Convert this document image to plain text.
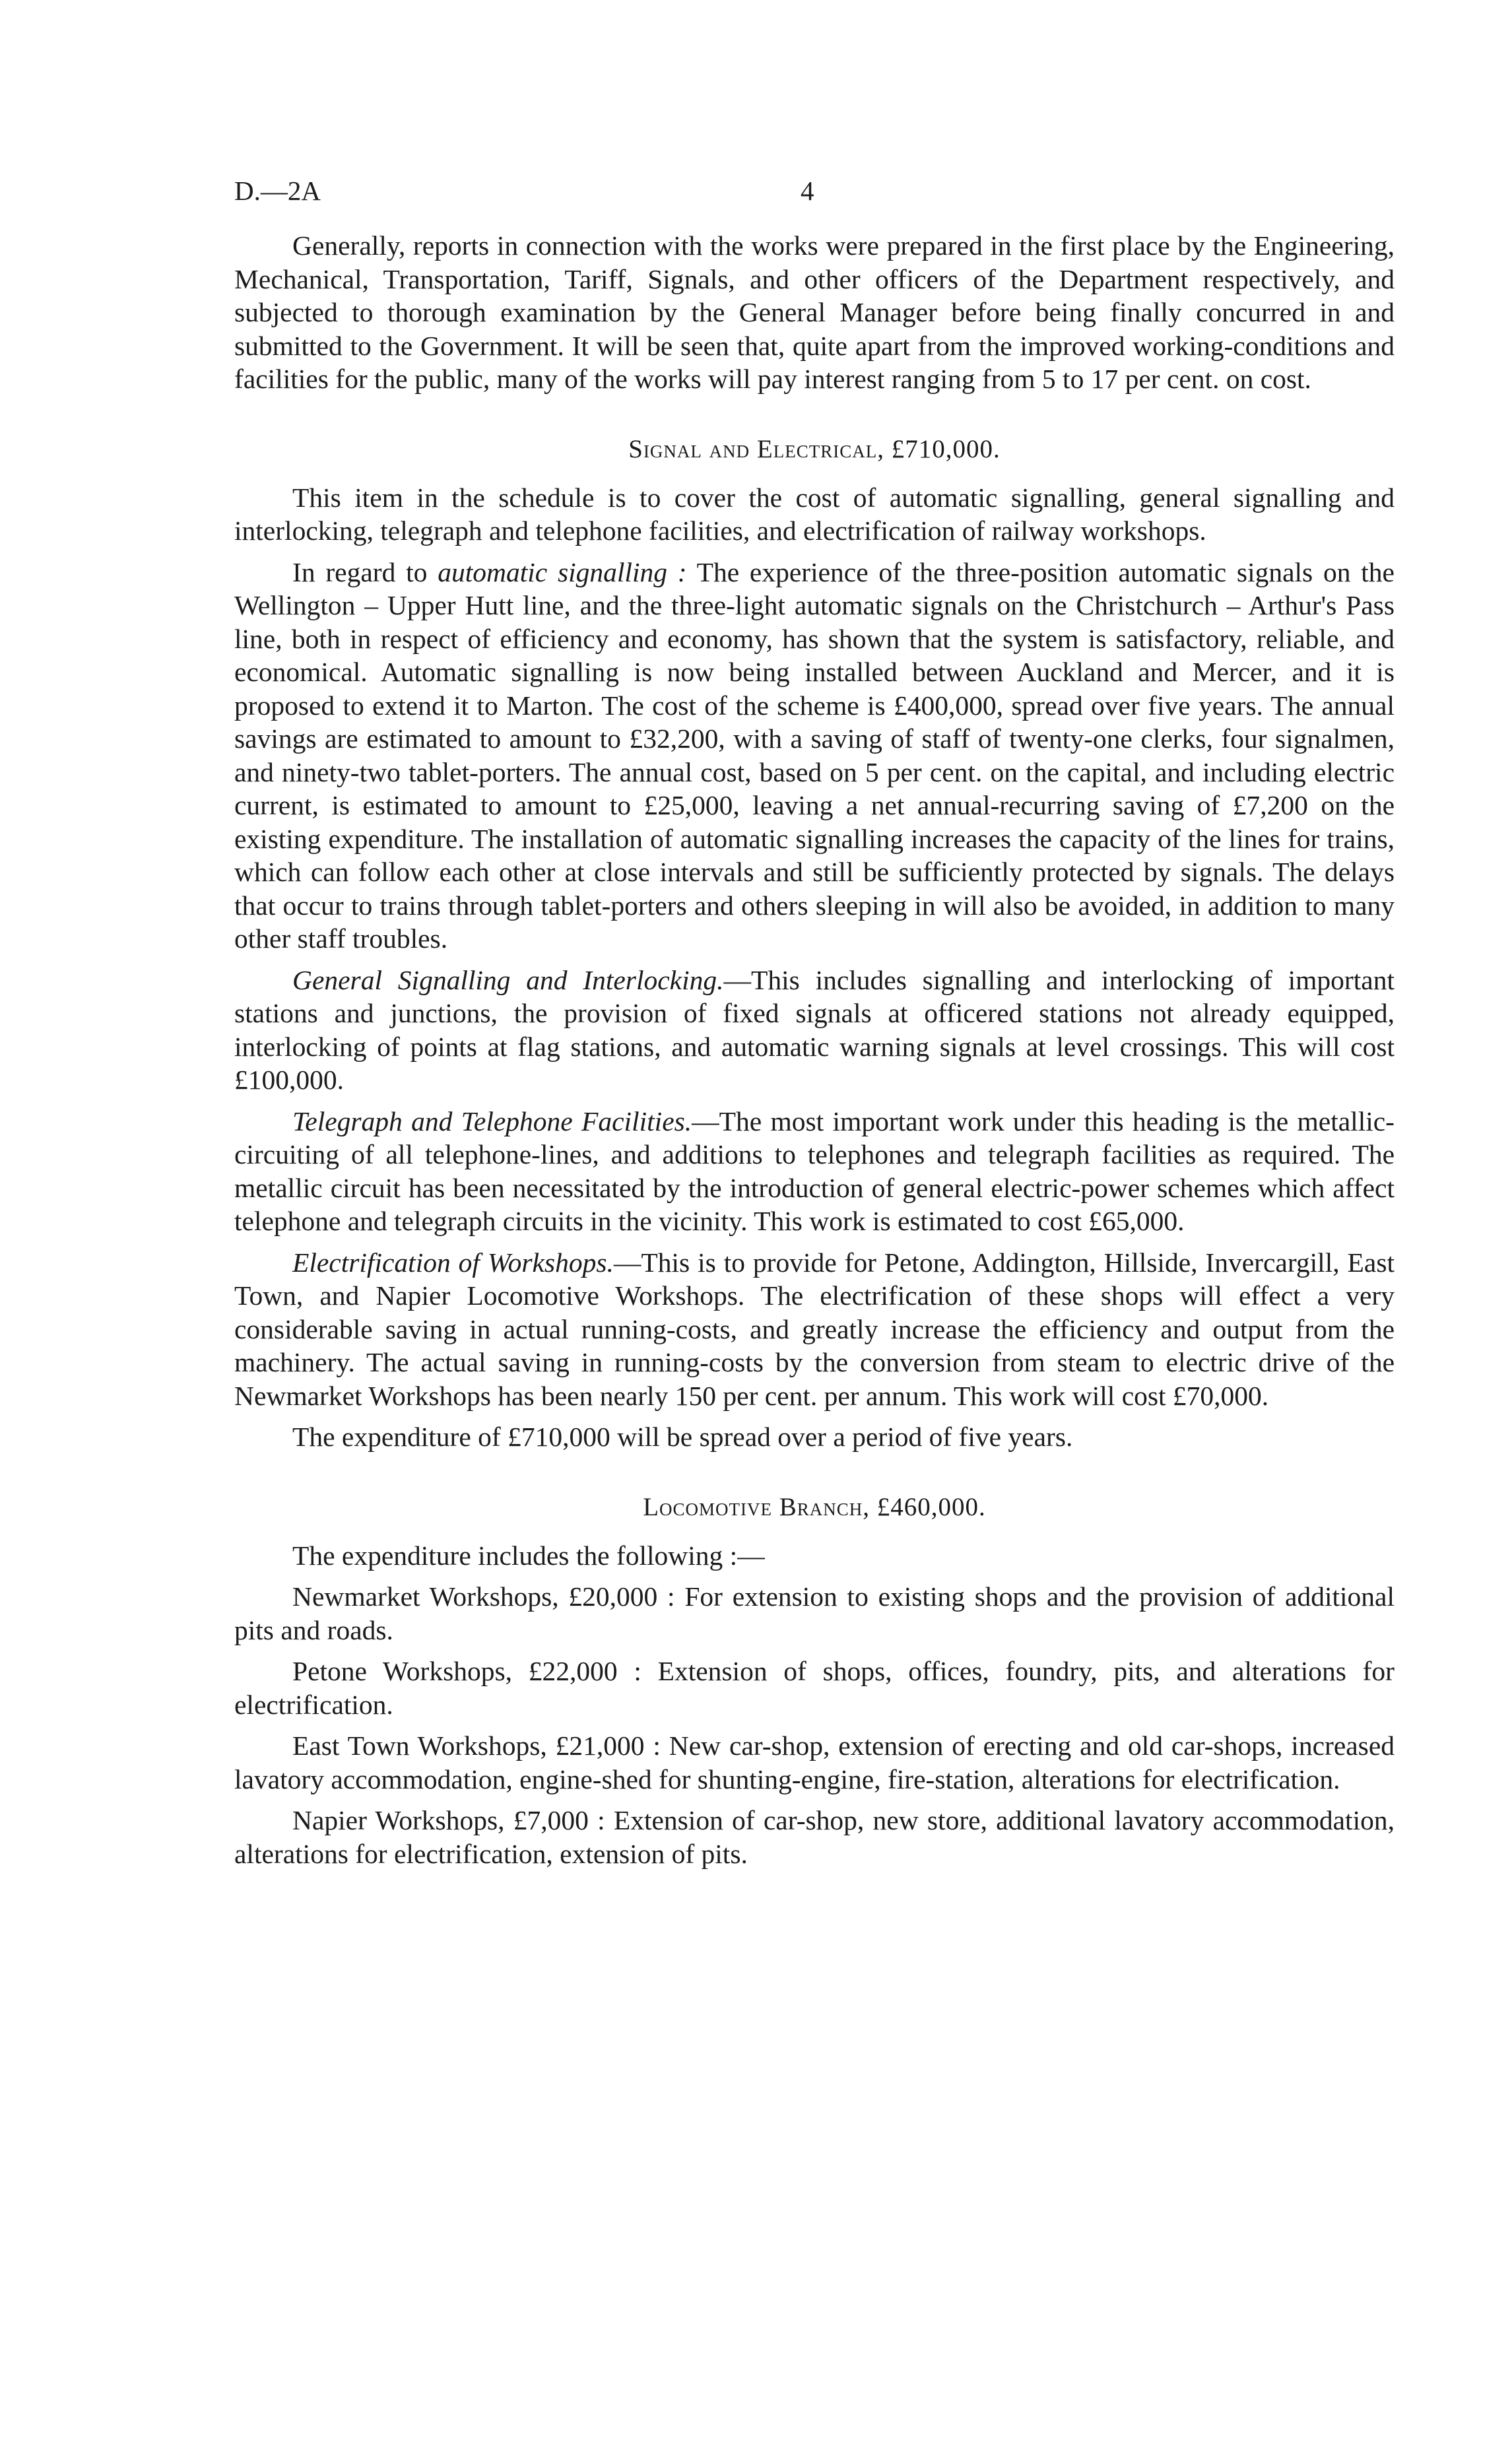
D.—2A	4

Generally, reports in connection with the works were prepared in the first place by the Engineering, Mechanical, Transportation, Tariff, Signals, and other officers of the Department respectively, and subjected to thorough examination by the General Manager before being finally concurred in and submitted to the Government. It will be seen that, quite apart from the improved working-conditions and facilities for the public, many of the works will pay interest ranging from 5 to 17 per cent. on cost.

Signal and Electrical, £710,000.

This item in the schedule is to cover the cost of automatic signalling, general signalling and interlocking, telegraph and telephone facilities, and electrification of railway workshops.

In regard to automatic signalling : The experience of the three-position automatic signals on the Wellington – Upper Hutt line, and the three-light automatic signals on the Christchurch – Arthur's Pass line, both in respect of efficiency and economy, has shown that the system is satisfactory, reliable, and economical. Automatic signalling is now being installed between Auckland and Mercer, and it is proposed to extend it to Marton. The cost of the scheme is £400,000, spread over five years. The annual savings are estimated to amount to £32,200, with a saving of staff of twenty-one clerks, four signalmen, and ninety-two tablet-porters. The annual cost, based on 5 per cent. on the capital, and including electric current, is estimated to amount to £25,000, leaving a net annual-recurring saving of £7,200 on the existing expenditure. The installation of automatic signalling increases the capacity of the lines for trains, which can follow each other at close intervals and still be sufficiently protected by signals. The delays that occur to trains through tablet-porters and others sleeping in will also be avoided, in addition to many other staff troubles.

General Signalling and Interlocking.—This includes signalling and interlocking of important stations and junctions, the provision of fixed signals at officered stations not already equipped, interlocking of points at flag stations, and automatic warning signals at level crossings. This will cost £100,000.

Telegraph and Telephone Facilities.—The most important work under this heading is the metallic-circuiting of all telephone-lines, and additions to telephones and telegraph facilities as required. The metallic circuit has been necessitated by the introduction of general electric-power schemes which affect telephone and telegraph circuits in the vicinity. This work is estimated to cost £65,000.

Electrification of Workshops.—This is to provide for Petone, Addington, Hillside, Invercargill, East Town, and Napier Locomotive Workshops. The electrification of these shops will effect a very considerable saving in actual running-costs, and greatly increase the efficiency and output from the machinery. The actual saving in running-costs by the conversion from steam to electric drive of the Newmarket Workshops has been nearly 150 per cent. per annum. This work will cost £70,000.

The expenditure of £710,000 will be spread over a period of five years.

Locomotive Branch, £460,000.

The expenditure includes the following :—

Newmarket Workshops, £20,000 : For extension to existing shops and the provision of additional pits and roads.

Petone Workshops, £22,000 : Extension of shops, offices, foundry, pits, and alterations for electrification.

East Town Workshops, £21,000 : New car-shop, extension of erecting and old car-shops, increased lavatory accommodation, engine-shed for shunting-engine, fire-station, alterations for electrification.

Napier Workshops, £7,000 : Extension of car-shop, new store, additional lavatory accommodation, alterations for electrification, extension of pits.
